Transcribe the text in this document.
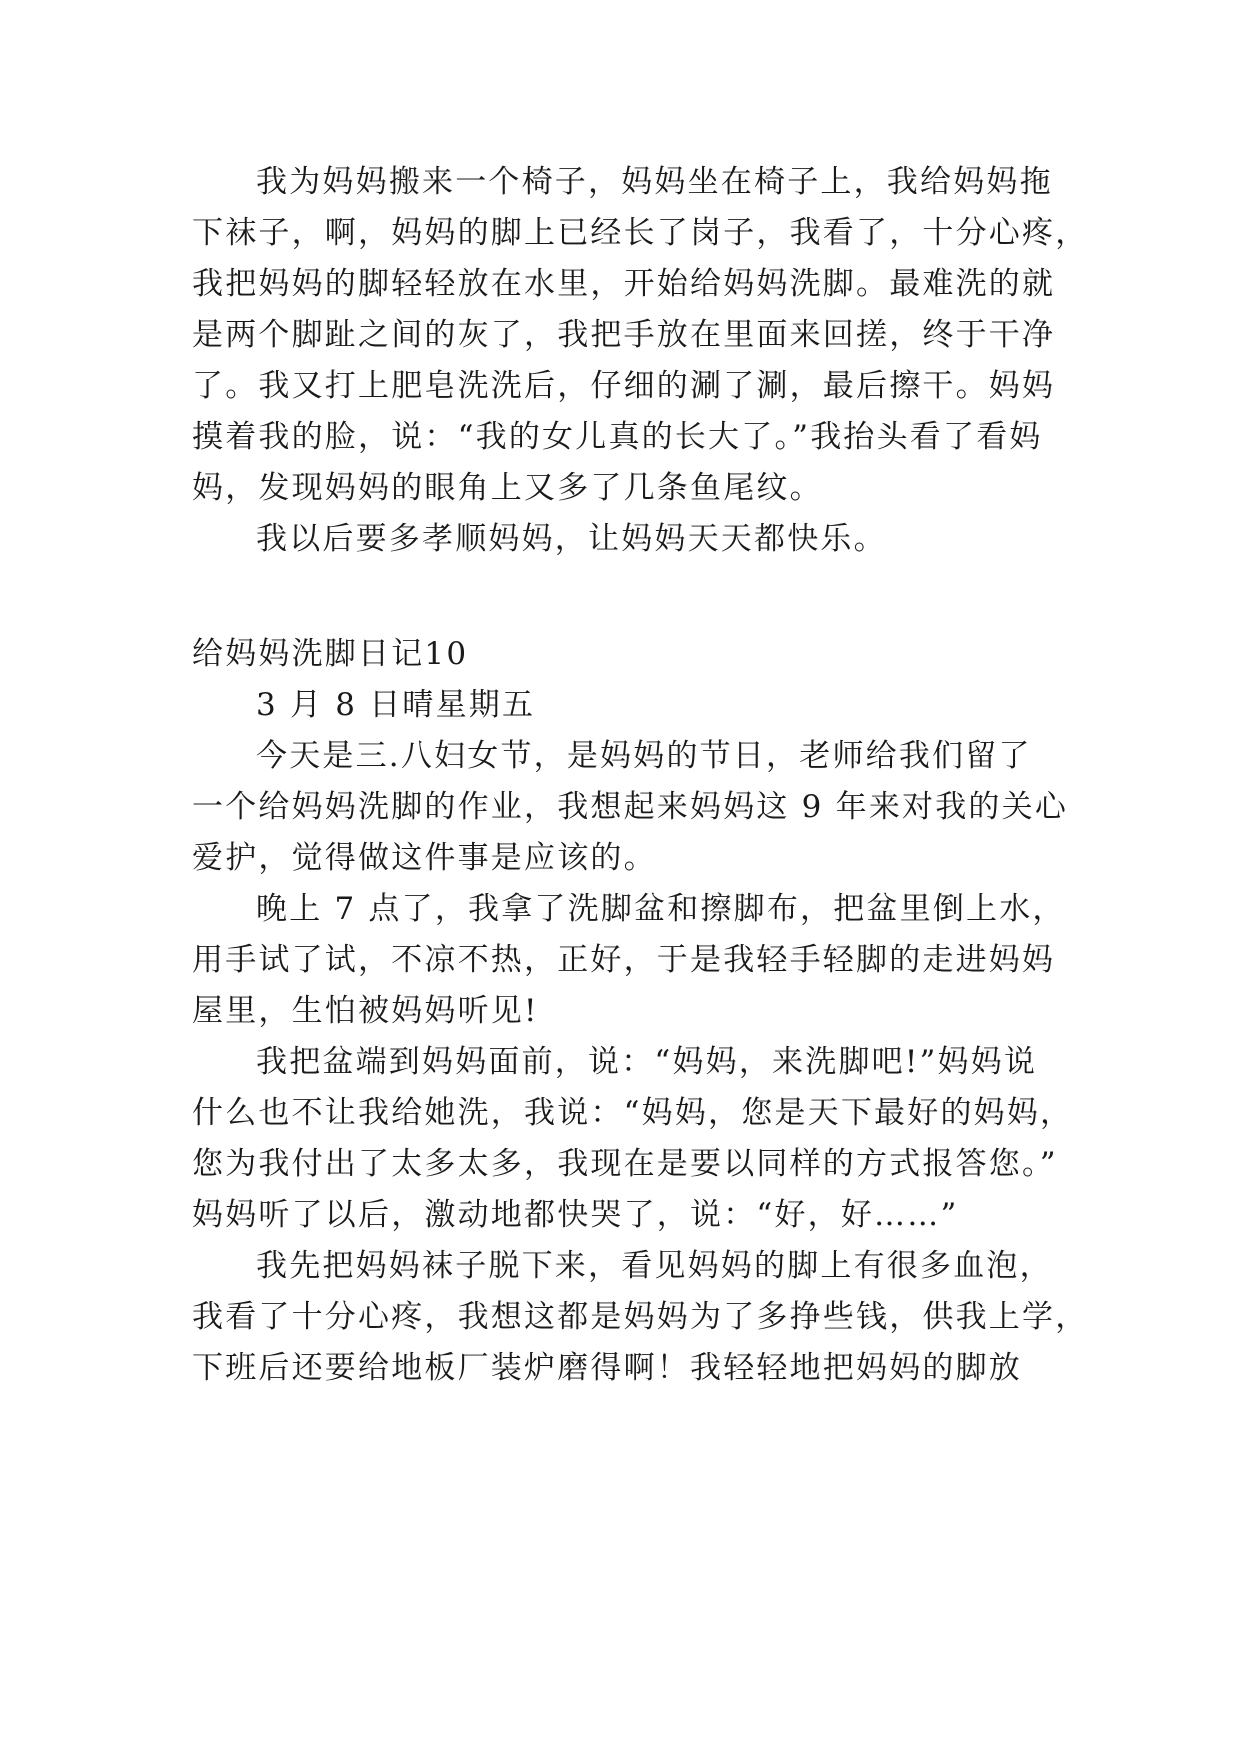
我为妈妈搬来一个椅子，妈妈坐在椅子上，我给妈妈拖
下袜子，啊，妈妈的脚上已经长了岗子，我看了，十分心疼，
我把妈妈的脚轻轻放在水里，开始给妈妈洗脚。最难洗的就
是两个脚趾之间的灰了，我把手放在里面来回搓，终于干净
了。我又打上肥皂洗洗后，仔细的涮了涮，最后擦干。妈妈
摸着我的脸，说：“我的女儿真的长大了。”我抬头看了看妈
妈，发现妈妈的眼角上又多了几条鱼尾纹。
我以后要多孝顺妈妈，让妈妈天天都快乐。
给妈妈洗脚日记10
3 月 8 日晴星期五
今天是三.八妇女节，是妈妈的节日，老师给我们留了
一个给妈妈洗脚的作业，我想起来妈妈这 9 年来对我的关心
爱护，觉得做这件事是应该的。
晚上 7 点了，我拿了洗脚盆和擦脚布，把盆里倒上水，
用手试了试，不凉不热，正好，于是我轻手轻脚的走进妈妈
屋里，生怕被妈妈听见!
我把盆端到妈妈面前，说：“妈妈，来洗脚吧!”妈妈说
什么也不让我给她洗，我说：“妈妈，您是天下最好的妈妈，
您为我付出了太多太多，我现在是要以同样的方式报答您。”
妈妈听了以后，激动地都快哭了，说：“好，好……”
我先把妈妈袜子脱下来，看见妈妈的脚上有很多血泡，
我看了十分心疼，我想这都是妈妈为了多挣些钱，供我上学，
下班后还要给地板厂装炉磨得啊！我轻轻地把妈妈的脚放
